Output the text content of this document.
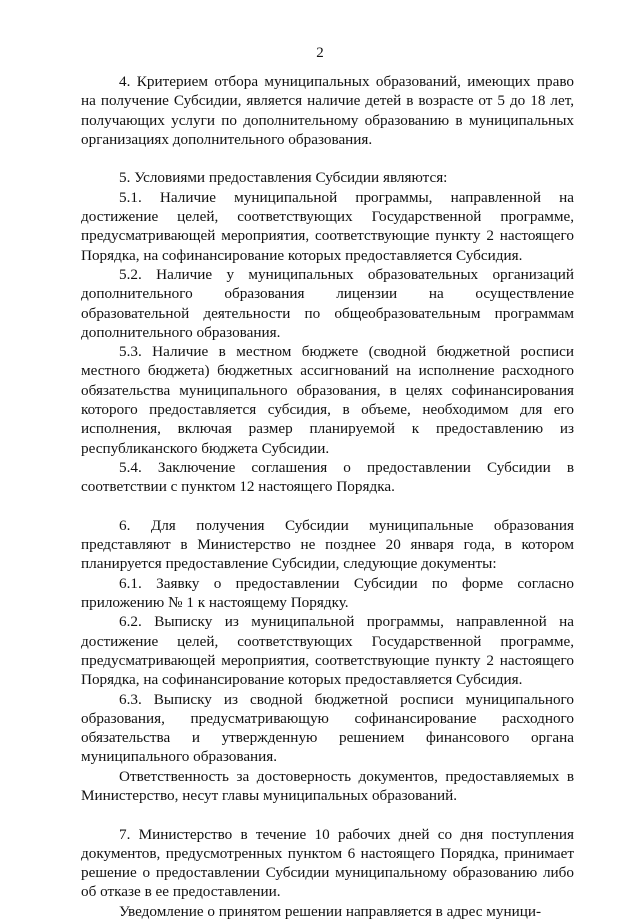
2

4. Критерием отбора муниципальных образований, имеющих право на получение Субсидии, является наличие детей в возрасте от 5 до 18 лет, получающих услуги по дополнительному образованию в муниципальных организациях дополнительного образования.

5. Условиями предоставления Субсидии являются:

5.1. Наличие муниципальной программы, направленной на достижение целей, соответствующих Государственной программе, предусматривающей мероприятия, соответствующие пункту 2 настоящего Порядка, на софинансирование которых предоставляется Субсидия.

5.2. Наличие у муниципальных образовательных организаций дополнительного образования лицензии на осуществление образовательной деятельности по общеобразовательным программам дополнительного образования.

5.3. Наличие в местном бюджете (сводной бюджетной росписи местного бюджета) бюджетных ассигнований на исполнение расходного обязательства муниципального образования, в целях софинансирования которого предоставляется субсидия, в объеме, необходимом для его исполнения, включая размер планируемой к предоставлению из республиканского бюджета Субсидии.

5.4. Заключение соглашения о предоставлении Субсидии в соответствии с пунктом 12 настоящего Порядка.

6. Для получения Субсидии муниципальные образования представляют в Министерство не позднее 20 января года, в котором планируется предоставление Субсидии, следующие документы:

6.1. Заявку о предоставлении Субсидии по форме согласно приложению № 1 к настоящему Порядку.

6.2. Выписку из муниципальной программы, направленной на достижение целей, соответствующих Государственной программе, предусматривающей мероприятия, соответствующие пункту 2 настоящего Порядка, на софинансирование которых предоставляется Субсидия.

6.3. Выписку из сводной бюджетной росписи муниципального образования, предусматривающую софинансирование расходного обязательства и утвержденную решением финансового органа муниципального образования.

Ответственность за достоверность документов, предоставляемых в Министерство, несут главы муниципальных образований.

7. Министерство в течение 10 рабочих дней со дня поступления документов, предусмотренных пунктом 6 настоящего Порядка, принимает решение о предоставлении Субсидии муниципальному образованию либо об отказе в ее предоставлении.

Уведомление о принятом решении направляется в адрес муници-
